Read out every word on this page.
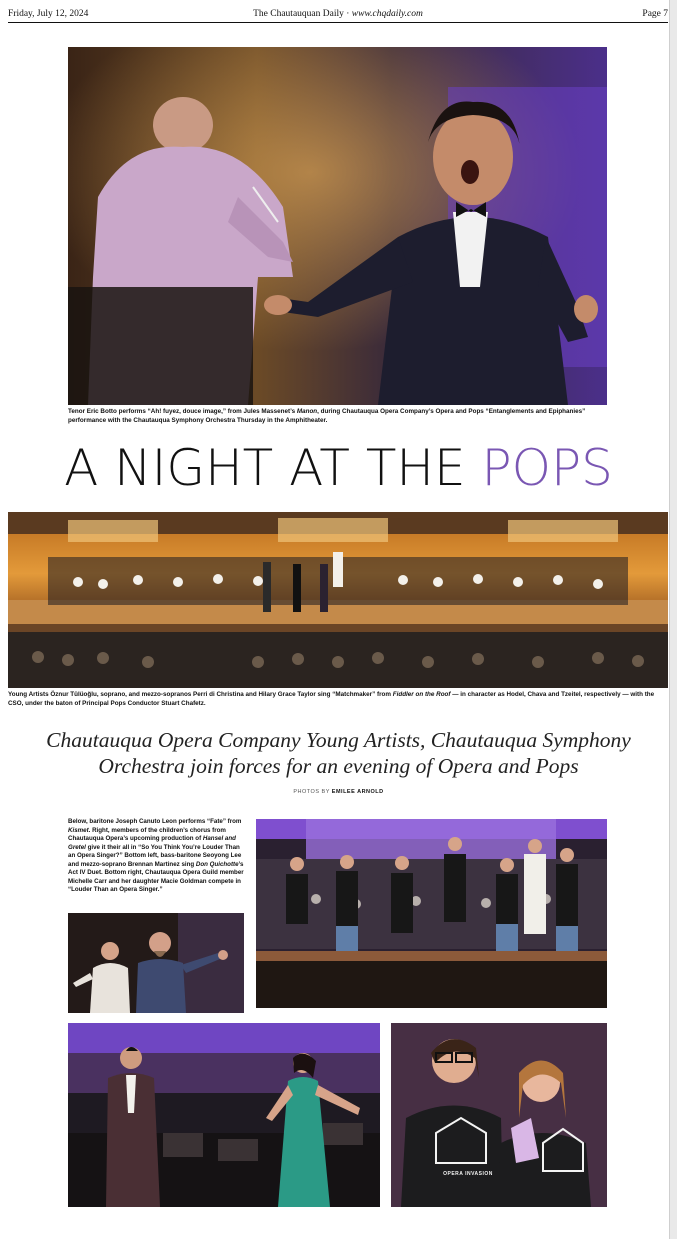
Friday, July 12, 2024	The Chautauquan Daily · www.chqdaily.com	Page 7
Tenor Eric Botto performs “Ah! fuyez, douce image,” from Jules Massenet’s Manon, during Chautauqua Opera Company’s Opera and Pops “Entanglements and Epiphanies” performance with the Chautauqua Symphony Orchestra Thursday in the Amphitheater.
A NIGHT AT THE POPS
Young Artists Öznur Tülüoğlu, soprano, and mezzo-sopranos Perri di Christina and Hilary Grace Taylor sing “Matchmaker” from Fiddler on the Roof — in character as Hodel, Chava and Tzeitel, respectively — with the CSO, under the baton of Principal Pops Conductor Stuart Chafetz.
Chautauqua Opera Company Young Artists, Chautauqua Symphony Orchestra join forces for an evening of Opera and Pops
PHOTOS BY EMILEE ARNOLD
Below, baritone Joseph Canuto Leon performs “Fate” from Kismet. Right, members of the children’s chorus from Chautauqua Opera’s upcoming production of Hansel and Gretel give it their all in “So You Think You’re Louder Than an Opera Singer?” Bottom left, bass-baritone Seoyong Lee and mezzo-soprano Brennan Martinez sing Don Quichotte’s Act IV Duet. Bottom right, Chautauqua Opera Guild member Michelle Carr and her daughter Macie Goldman compete in “Louder Than an Opera Singer.”
OPERA INVASION
